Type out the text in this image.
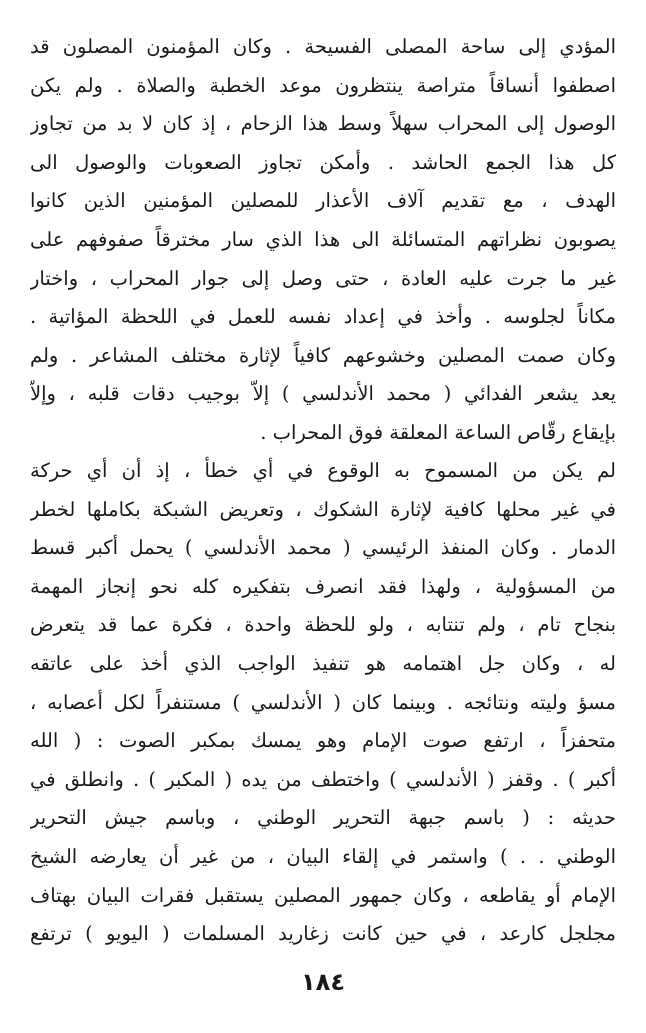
المؤدي إلى ساحة المصلى الفسيحة . وكان المؤمنون المصلون قد
اصطفوا أنساقاً متراصة ينتظرون موعد الخطبة والصلاة . ولم يكن
الوصول إلى المحراب سهلاً وسط هذا الزحام ، إذ كان لا بد من تجاوز
كل هذا الجمع الحاشد . وأمكن تجاوز الصعوبات والوصول الى
الهدف ، مع تقديم آلاف الأعذار للمصلين المؤمنين الذين كانوا
يصوبون نظراتهم المتسائلة الى هذا الذي سار مخترقاً صفوفهم على
غير ما جرت عليه العادة ، حتى وصل إلى جوار المحراب ، واختار
مكاناً لجلوسه . وأخذ في إعداد نفسه للعمل في اللحظة المؤاتية .
وكان صمت المصلين وخشوعهم كافياً لإثارة مختلف المشاعر . ولم
يعد يشعر الفدائي ( محمد الأندلسي ) إلاّ بوجيب دقات قلبه ، وإلاّ
بإيقاع رقّاص الساعة المعلقة فوق المحراب .
لم يكن من المسموح به الوقوع في أي خطأ ، إذ أن أي حركة
في غير محلها كافية لإثارة الشكوك ، وتعريض الشبكة بكاملها لخطر
الدمار . وكان المنفذ الرئيسي ( محمد الأندلسي ) يحمل أكبر قسط
من المسؤولية ، ولهذا فقد انصرف بتفكيره كله نحو إنجاز المهمة
بنجاح تام ، ولم تنتابه ، ولو للحظة واحدة ، فكرة عما قد يتعرض
له ، وكان جل اهتمامه هو تنفيذ الواجب الذي أخذ على عاتقه
مسؤ وليته ونتائجه . وبينما كان ( الأندلسي ) مستنفراً لكل أعصابه ،
متحفزاً ، ارتفع صوت الإمام وهو يمسك بمكبر الصوت : ( الله
أكبر ) . وقفز ( الأندلسي ) واختطف من يده ( المكبر ) . وانطلق في
حديثه : ( باسم جبهة التحرير الوطني ، وباسم جيش التحرير
الوطني . . ) واستمر في إلقاء البيان ، من غير أن يعارضه الشيخ
الإمام أو يقاطعه ، وكان جمهور المصلين يستقبل فقرات البيان بهتاف
مجلجل كارعد ، في حين كانت زغاريد المسلمات ( اليويو ) ترتفع
١٨٤
